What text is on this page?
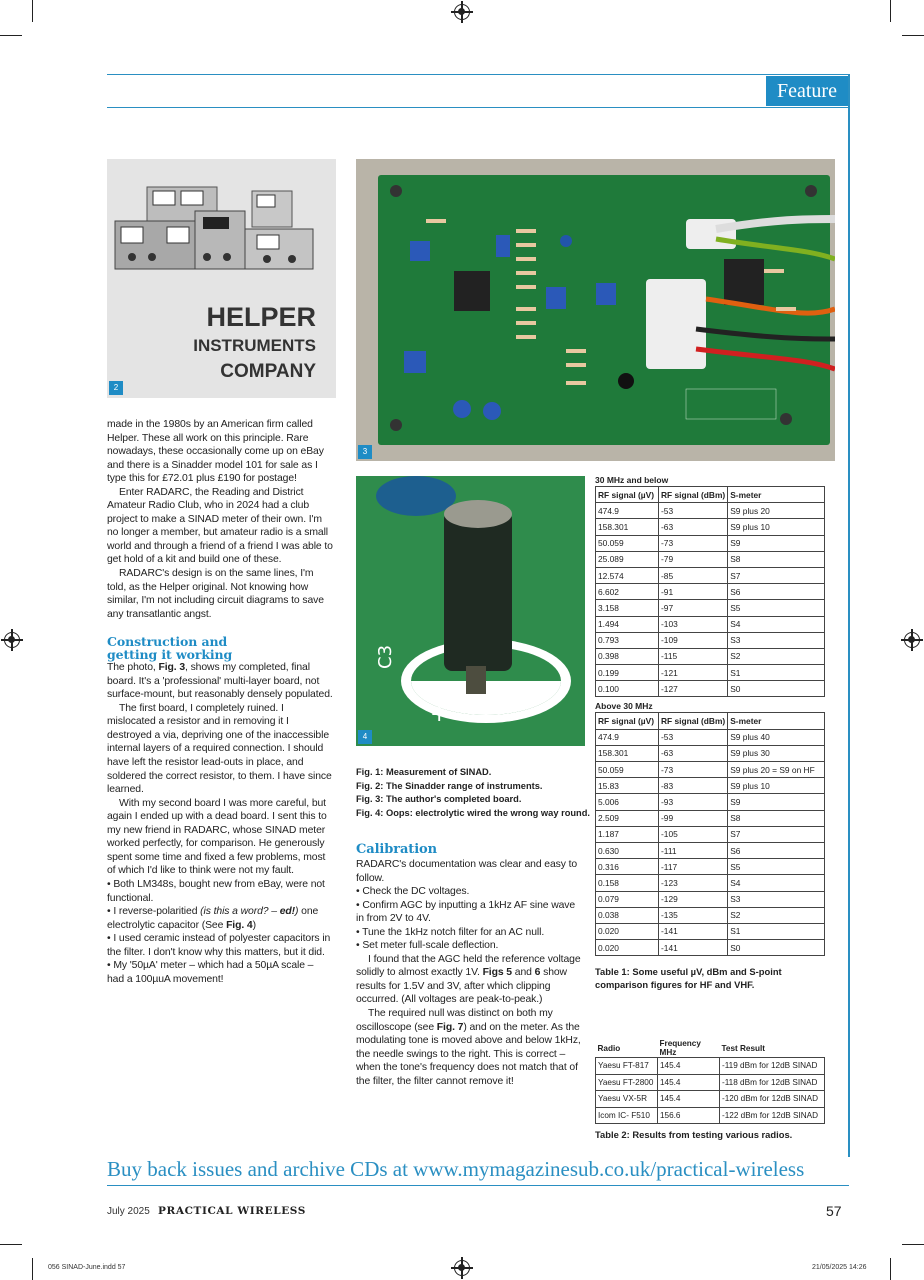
Feature
HELPER
INSTRUMENTS
COMPANY
2
3
+
C3
4

made in the 1980s by an American firm called Helper. These all work on this principle. Rare nowadays, these occasionally come up on eBay and there is a Sinadder model 101 for sale as I type this for £72.01 plus £190 for postage!

Enter RADARC, the Reading and District Amateur Radio Club, who in 2024 had a club project to make a SINAD meter of their own. I'm no longer a member, but amateur radio is a small world and through a friend of a friend I was able to get hold of a kit and build one of these.

RADARC's design is on the same lines, I'm told, as the Helper original. Not knowing how similar, I'm not including circuit diagrams to save any transatlantic angst.

Construction and
getting it working

The photo, Fig. 3, shows my completed, final board. It's a 'professional' multi-layer board, not surface-mount, but reasonably densely populated.

The first board, I completely ruined. I mislocated a resistor and in removing it I destroyed a via, depriving one of the inaccessible internal layers of a required connection. I should have left the resistor lead-outs in place, and soldered the correct resistor, to them. I have since learned.

With my second board I was more careful, but again I ended up with a dead board. I sent this to my new friend in RADARC, whose SINAD meter worked perfectly, for comparison. He generously spent some time and fixed a few problems, most of which I'd like to think were not my fault.

• Both LM348s, bought new from eBay, were not functional.

• I reverse-polaritied (is this a word? – ed!) one electrolytic capacitor (See Fig. 4)

• I used ceramic instead of polyester capacitors in the filter. I don't know why this matters, but it did.

• My '50µA' meter – which had a 50µA scale – had a 100µuA movement!

Fig. 1: Measurement of SINAD.
Fig. 2: The Sinadder range of instruments.
Fig. 3: The author's completed board.
Fig. 4: Oops: electrolytic wired the wrong way round.

Calibration

RADARC's documentation was clear and easy to follow.

• Check the DC voltages.

• Confirm AGC by inputting a 1kHz AF sine wave in from 2V to 4V.

• Tune the 1kHz notch filter for an AC null.

• Set meter full-scale deflection.

I found that the AGC held the reference voltage solidly to almost exactly 1V. Figs 5 and 6 show results for 1.5V and 3V, after which clipping occurred. (All voltages are peak-to-peak.)

The required null was distinct on both my oscilloscope (see Fig. 7) and on the meter. As the modulating tone is moved above and below 1kHz, the needle swings to the right. This is correct – when the tone's frequency does not match that of the filter, the filter cannot remove it!

30 MHz and below
RF signal (µV)	RF signal (dBm)	S-meter
474.9	-53	S9 plus 20
158.301	-63	S9 plus 10
50.059	-73	S9
25.089	-79	S8
12.574	-85	S7
6.602	-91	S6
3.158	-97	S5
1.494	-103	S4
0.793	-109	S3
0.398	-115	S2
0.199	-121	S1
0.100	-127	S0
Above 30 MHz
RF signal (µV)	RF signal (dBm)	S-meter
474.9	-53	S9 plus 40
158.301	-63	S9 plus 30
50.059	-73	S9 plus 20 = S9 on HF
15.83	-83	S9 plus 10
5.006	-93	S9
2.509	-99	S8
1.187	-105	S7
0.630	-111	S6
0.316	-117	S5
0.158	-123	S4
0.079	-129	S3
0.038	-135	S2
0.020	-141	S1
0.020	-141	S0
Table 1: Some useful µV, dBm and S-point comparison figures for HF and VHF.
Radio	Frequency MHz	Test Result
Yaesu FT-817	145.4	-119 dBm for 12dB SINAD
Yaesu FT-2800	145.4	-118 dBm for 12dB SINAD
Yaesu VX-5R	145.4	-120 dBm for 12dB SINAD
Icom IC- F510	156.6	-122 dBm for 12dB SINAD
Table 2: Results from testing various radios.
Buy back issues and archive CDs at www.mymagazinesub.co.uk/practical-wireless
July 2025 PRACTICAL WIRELESS	57
056 SINAD-June.indd 57	21/05/2025 14:26
